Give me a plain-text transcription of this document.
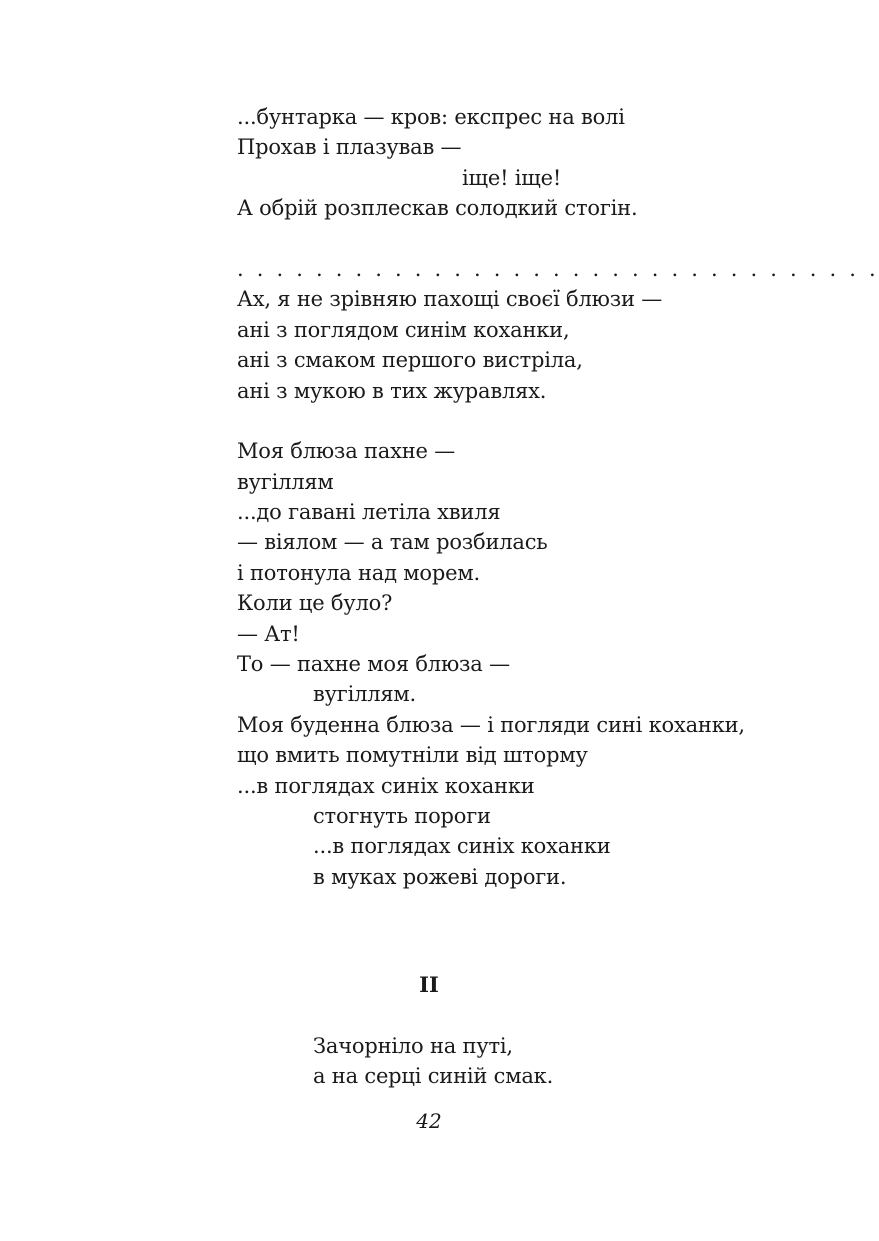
...бунтарка — кров: експрес на волі
Прохав і плазував —
іще! іще!
А обрій розплескав солодкий стогін.
. . . . . . . . . . . . . . . . . . . . . . . . . . . . . . . . .
Ах, я не зрівняю пахощі своєї блюзи —
ані з поглядом синім коханки,
ані з смаком першого вистріла,
ані з мукою в тих журавлях.
Моя блюза пахне —
вугіллям
...до гавані летіла хвиля
— віялом — а там розбилась
і потонула над морем.
Коли це було?
— Ат!
То — пахне моя блюза —
вугіллям.
Моя буденна блюза — і погляди сині коханки,
що вмить помутніли від шторму
...в поглядах синіх коханки
стогнуть пороги
...в поглядах синіх коханки
в муках рожеві дороги.
II
Зачорніло на путі,
а на серці синій смак.
42
